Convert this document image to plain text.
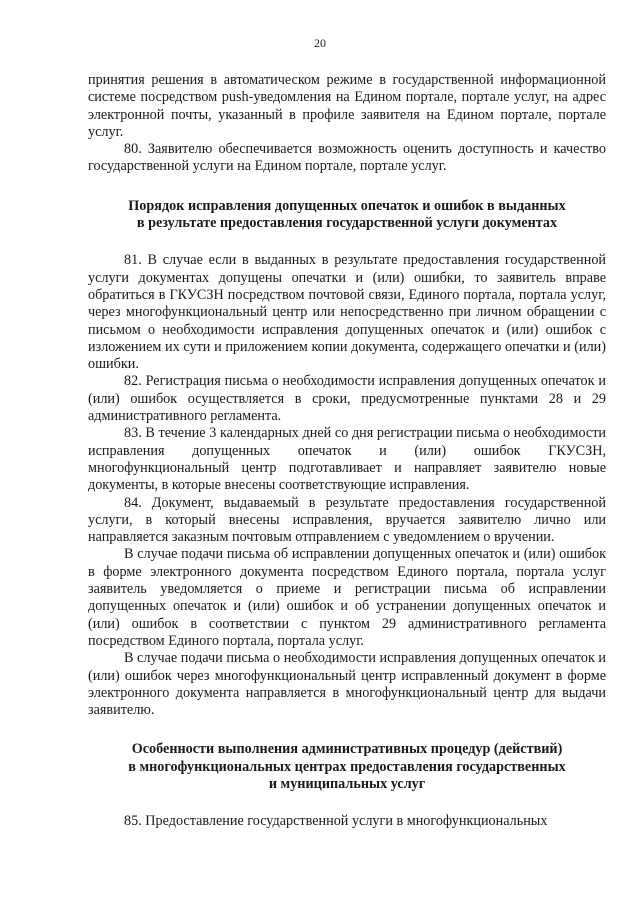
20

принятия решения в автоматическом режиме в государственной информационной системе посредством push-уведомления на Едином портале, портале услуг, на адрес электронной почты, указанный в профиле заявителя на Едином портале, портале услуг.

80. Заявителю обеспечивается возможность оценить доступность и качество государственной услуги на Едином портале, портале услуг.

Порядок исправления допущенных опечаток и ошибок в выданных
в результате предоставления государственной услуги документах

81. В случае если в выданных в результате предоставления государственной услуги документах допущены опечатки и (или) ошибки, то заявитель вправе обратиться в ГКУСЗН посредством почтовой связи, Единого портала, портала услуг, через многофункциональный центр или непосредственно при личном обращении с письмом о необходимости исправления допущенных опечаток и (или) ошибок с изложением их сути и приложением копии документа, содержащего опечатки и (или) ошибки.

82. Регистрация письма о необходимости исправления допущенных опечаток и (или) ошибок осуществляется в сроки, предусмотренные пунктами 28 и 29 административного регламента.

83. В течение 3 календарных дней со дня регистрации письма о необходимости исправления допущенных опечаток и (или) ошибок ГКУСЗН, многофункциональный центр подготавливает и направляет заявителю новые документы, в которые внесены соответствующие исправления.

84. Документ, выдаваемый в результате предоставления государственной услуги, в который внесены исправления, вручается заявителю лично или направляется заказным почтовым отправлением с уведомлением о вручении.

В случае подачи письма об исправлении допущенных опечаток и (или) ошибок в форме электронного документа посредством Единого портала, портала услуг заявитель уведомляется о приеме и регистрации письма об исправлении допущенных опечаток и (или) ошибок и об устранении допущенных опечаток и (или) ошибок в соответствии с пунктом 29 административного регламента посредством Единого портала, портала услуг.

В случае подачи письма о необходимости исправления допущенных опечаток и (или) ошибок через многофункциональный центр исправленный документ в форме электронного документа направляется в многофункциональный центр для выдачи заявителю.

Особенности выполнения административных процедур (действий)
в многофункциональных центрах предоставления государственных
и муниципальных услуг

85. Предоставление государственной услуги в многофункциональных
